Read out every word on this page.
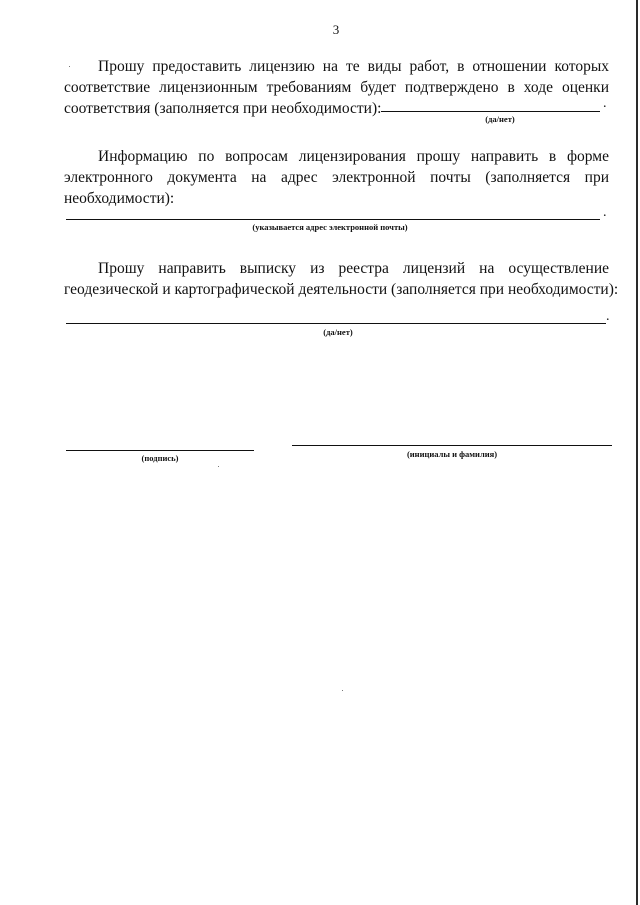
3
Прошу предоставить лицензию на те виды работ, в отношении которых
соответствие лицензионным требованиям будет подтверждено в ходе оценки
соответствия (заполняется при необходимости):	.
(да/нет)
Информацию по вопросам лицензирования прошу направить в форме
электронного документа на адрес электронной почты (заполняется при
необходимости):
.
(указывается адрес электронной почты)
Прошу направить выписку из реестра лицензий на осуществление
геодезической и картографической деятельности (заполняется при необходимости):
.
(да/нет)
(подпись)	(инициалы и фамилия)
